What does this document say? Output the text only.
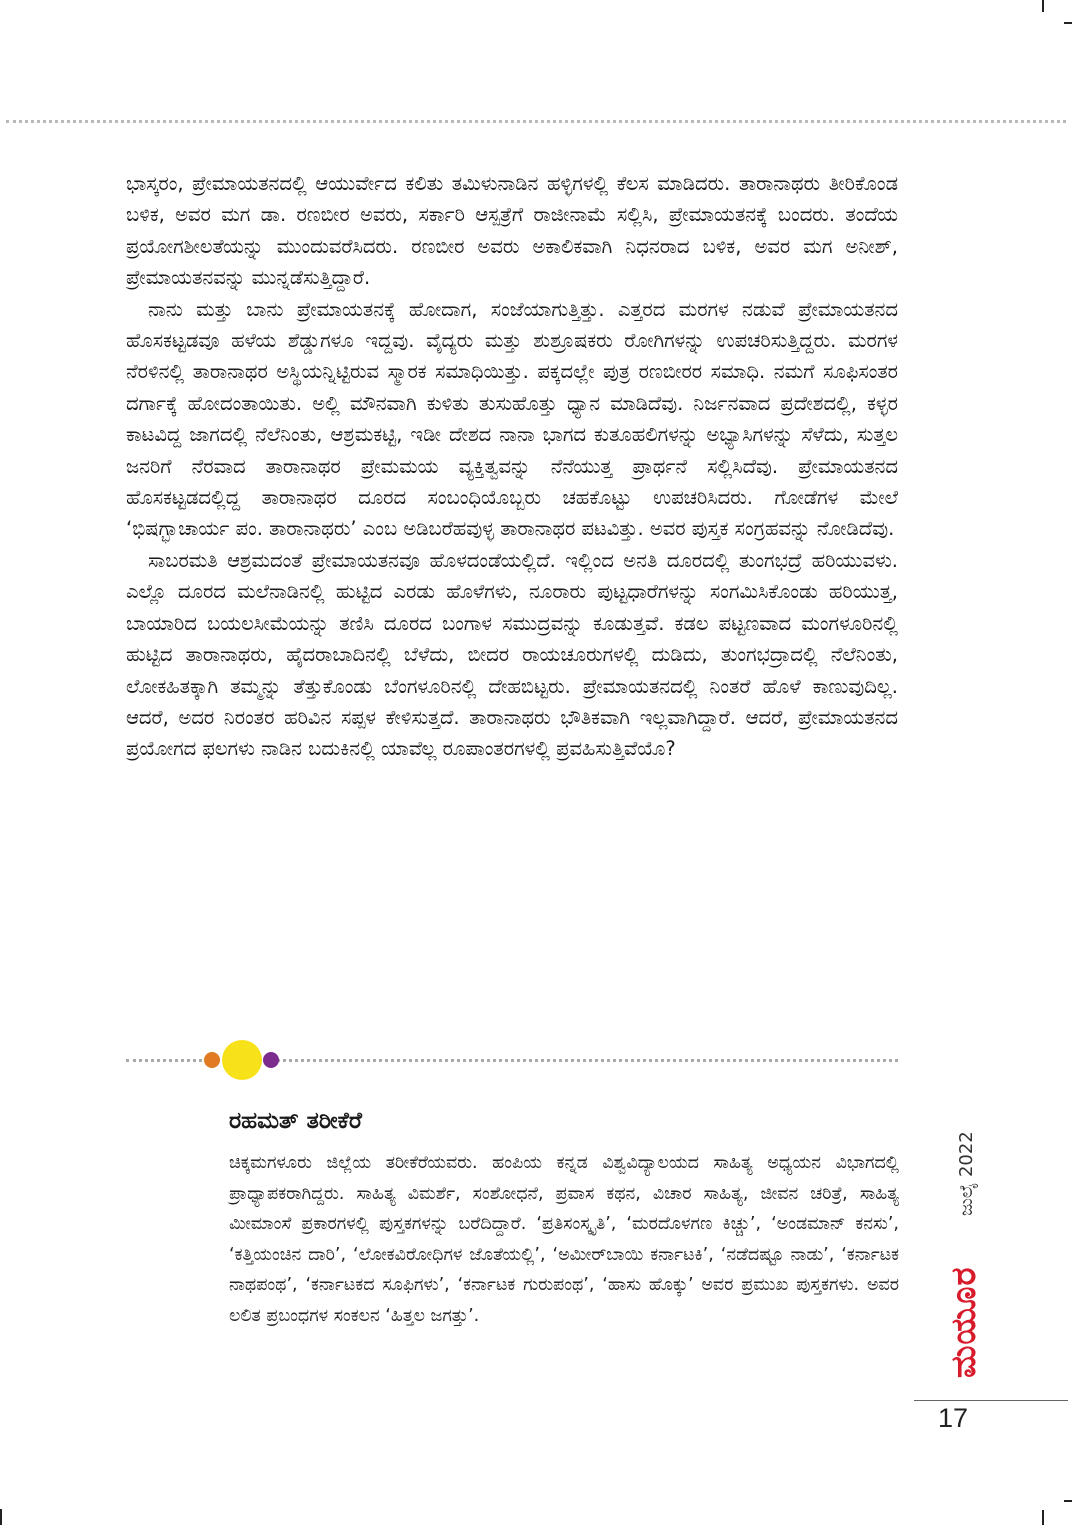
ಭಾಸ್ಕರಂ, ಪ್ರೇಮಾಯತನದಲ್ಲಿ ಆಯುರ್ವೇದ ಕಲಿತು ತಮಿಳುನಾಡಿನ ಹಳ್ಳಿಗಳಲ್ಲಿ ಕೆಲಸ ಮಾಡಿದರು. ತಾರಾನಾಥರು ತೀರಿಕೊಂಡ ಬಳಿಕ, ಅವರ ಮಗ ಡಾ. ರಣಬೀರ ಅವರು, ಸರ್ಕಾರಿ ಆಸ್ಪತ್ರೆಗೆ ರಾಜೀನಾಮೆ ಸಲ್ಲಿಸಿ, ಪ್ರೇಮಾಯತನಕ್ಕೆ ಬಂದರು. ತಂದೆಯ ಪ್ರಯೋಗಶೀಲತೆಯನ್ನು ಮುಂದುವರೆಸಿದರು. ರಣಬೀರ ಅವರು ಅಕಾಲಿಕವಾಗಿ ನಿಧನರಾದ ಬಳಿಕ, ಅವರ ಮಗ ಅನೀಶ್, ಪ್ರೇಮಾಯತನವನ್ನು ಮುನ್ನಡೆಸುತ್ತಿದ್ದಾರೆ.

ನಾನು ಮತ್ತು ಬಾನು ಪ್ರೇಮಾಯತನಕ್ಕೆ ಹೋದಾಗ, ಸಂಜೆಯಾಗುತ್ತಿತ್ತು. ಎತ್ತರದ ಮರಗಳ ನಡುವೆ ಪ್ರೇಮಾಯತನದ ಹೊಸಕಟ್ಟಡವೂ ಹಳೆಯ ಶೆಡ್ಡುಗಳೂ ಇದ್ದವು. ವೈದ್ಯರು ಮತ್ತು ಶುಶ್ರೂಷಕರು ರೋಗಿಗಳನ್ನು ಉಪಚರಿಸುತ್ತಿದ್ದರು. ಮರಗಳ ನೆರಳಿನಲ್ಲಿ ತಾರಾನಾಥರ ಅಸ್ಥಿಯನ್ನಿಟ್ಟಿರುವ ಸ್ಮಾರಕ ಸಮಾಧಿಯಿತ್ತು. ಪಕ್ಕದಲ್ಲೇ ಪುತ್ರ ರಣಬೀರರ ಸಮಾಧಿ. ನಮಗೆ ಸೂಫಿಸಂತರ ದರ್ಗಾಕ್ಕೆ ಹೋದಂತಾಯಿತು. ಅಲ್ಲಿ ಮೌನವಾಗಿ ಕುಳಿತು ತುಸುಹೊತ್ತು ಧ್ಯಾನ ಮಾಡಿದೆವು. ನಿರ್ಜನವಾದ ಪ್ರದೇಶದಲ್ಲಿ, ಕಳ್ಳರ ಕಾಟವಿದ್ದ ಜಾಗದಲ್ಲಿ ನೆಲೆನಿಂತು, ಆಶ್ರಮಕಟ್ಟಿ, ಇಡೀ ದೇಶದ ನಾನಾ ಭಾಗದ ಕುತೂಹಲಿಗಳನ್ನು ಅಭ್ಯಾಸಿಗಳನ್ನು ಸೆಳೆದು, ಸುತ್ತಲ ಜನರಿಗೆ ನೆರವಾದ ತಾರಾನಾಥರ ಪ್ರೇಮಮಯ ವ್ಯಕ್ತಿತ್ವವನ್ನು ನೆನೆಯುತ್ತ ಪ್ರಾರ್ಥನೆ ಸಲ್ಲಿಸಿದೆವು. ಪ್ರೇಮಾಯತನದ ಹೊಸಕಟ್ಟಡದಲ್ಲಿದ್ದ ತಾರಾನಾಥರ ದೂರದ ಸಂಬಂಧಿಯೊಬ್ಬರು ಚಹಕೊಟ್ಟು ಉಪಚರಿಸಿದರು. ಗೋಡೆಗಳ ಮೇಲೆ ‘ಭಿಷಗ್ಭಾಚಾರ್ಯ ಪಂ. ತಾರಾನಾಥರು’ ಎಂಬ ಅಡಿಬರೆಹವುಳ್ಳ ತಾರಾನಾಥರ ಪಟವಿತ್ತು. ಅವರ ಪುಸ್ತಕ ಸಂಗ್ರಹವನ್ನು ನೋಡಿದೆವು.

ಸಾಬರಮತಿ ಆಶ್ರಮದಂತೆ ಪ್ರೇಮಾಯತನವೂ ಹೊಳದಂಡೆಯಲ್ಲಿದೆ. ಇಲ್ಲಿಂದ ಅನತಿ ದೂರದಲ್ಲಿ ತುಂಗಭದ್ರೆ ಹರಿಯುವಳು. ಎಲ್ಲೊ ದೂರದ ಮಲೆನಾಡಿನಲ್ಲಿ ಹುಟ್ಟಿದ ಎರಡು ಹೊಳೆಗಳು, ನೂರಾರು ಪುಟ್ಟಧಾರೆಗಳನ್ನು ಸಂಗಮಿಸಿಕೊಂಡು ಹರಿಯುತ್ತ, ಬಾಯಾರಿದ ಬಯಲಸೀಮೆಯನ್ನು ತಣಿಸಿ ದೂರದ ಬಂಗಾಳ ಸಮುದ್ರವನ್ನು ಕೂಡುತ್ತವೆ. ಕಡಲ ಪಟ್ಟಣವಾದ ಮಂಗಳೂರಿನಲ್ಲಿ ಹುಟ್ಟಿದ ತಾರಾನಾಥರು, ಹೈದರಾಬಾದಿನಲ್ಲಿ ಬೆಳೆದು, ಬೀದರ ರಾಯಚೂರುಗಳಲ್ಲಿ ದುಡಿದು, ತುಂಗಭದ್ರಾದಲ್ಲಿ ನೆಲೆನಿಂತು, ಲೋಕಹಿತಕ್ಕಾಗಿ ತಮ್ಮನ್ನು ತೆತ್ತುಕೊಂಡು ಬೆಂಗಳೂರಿನಲ್ಲಿ ದೇಹಬಿಟ್ಟರು. ಪ್ರೇಮಾಯತನದಲ್ಲಿ ನಿಂತರೆ ಹೊಳೆ ಕಾಣುವುದಿಲ್ಲ. ಆದರೆ, ಅದರ ನಿರಂತರ ಹರಿವಿನ ಸಪ್ಪಳ ಕೇಳಿಸುತ್ತದೆ. ತಾರಾನಾಥರು ಭೌತಿಕವಾಗಿ ಇಲ್ಲವಾಗಿದ್ದಾರೆ. ಆದರೆ, ಪ್ರೇಮಾಯತನದ ಪ್ರಯೋಗದ ಫಲಗಳು ನಾಡಿನ ಬದುಕಿನಲ್ಲಿ ಯಾವೆಲ್ಲ ರೂಪಾಂತರಗಳಲ್ಲಿ ಪ್ರವಹಿಸುತ್ತಿವೆಯೊ?

ರಹಮತ್ ತರೀಕೆರೆ

ಚಿಕ್ಕಮಗಳೂರು ಜಿಲ್ಲೆಯ ತರೀಕೆರೆಯವರು. ಹಂಪಿಯ ಕನ್ನಡ ವಿಶ್ವವಿದ್ಯಾಲಯದ ಸಾಹಿತ್ಯ ಅಧ್ಯಯನ ವಿಭಾಗದಲ್ಲಿ ಪ್ರಾಧ್ಯಾಪಕರಾಗಿದ್ದರು. ಸಾಹಿತ್ಯ ವಿಮರ್ಶೆ, ಸಂಶೋಧನೆ, ಪ್ರವಾಸ ಕಥನ, ವಿಚಾರ ಸಾಹಿತ್ಯ, ಜೀವನ ಚರಿತ್ರೆ, ಸಾಹಿತ್ಯ ಮೀಮಾಂಸೆ ಪ್ರಕಾರಗಳಲ್ಲಿ ಪುಸ್ತಕಗಳನ್ನು ಬರೆದಿದ್ದಾರೆ. ‘ಪ್ರತಿಸಂಸ್ಕೃತಿ’, ‘ಮರದೊಳಗಣ ಕಿಚ್ಚು’, ‘ಅಂಡಮಾನ್ ಕನಸು’, ‘ಕತ್ತಿಯಂಚಿನ ದಾರಿ’, ‘ಲೋಕವಿರೋಧಿಗಳ ಜೊತೆಯಲ್ಲಿ’, ‘ಅಮೀರ್‌ಬಾಯಿ ಕರ್ನಾಟಕಿ’, ‘ನಡೆದಷ್ಟೂ ನಾಡು’, ‘ಕರ್ನಾಟಕ ನಾಥಪಂಥ’, ‘ಕರ್ನಾಟಕದ ಸೂಫಿಗಳು’, ‘ಕರ್ನಾಟಕ ಗುರುಪಂಥ’, ‘ಹಾಸು ಹೊಕ್ಕು’ ಅವರ ಪ್ರಮುಖ ಪುಸ್ತಕಗಳು. ಅವರ ಲಲಿತ ಪ್ರಬಂಧಗಳ ಸಂಕಲನ ‘ಹಿತ್ತಲ ಜಗತ್ತು’.

ಜುಲೈ 2022
ಮಯೂರ
17
